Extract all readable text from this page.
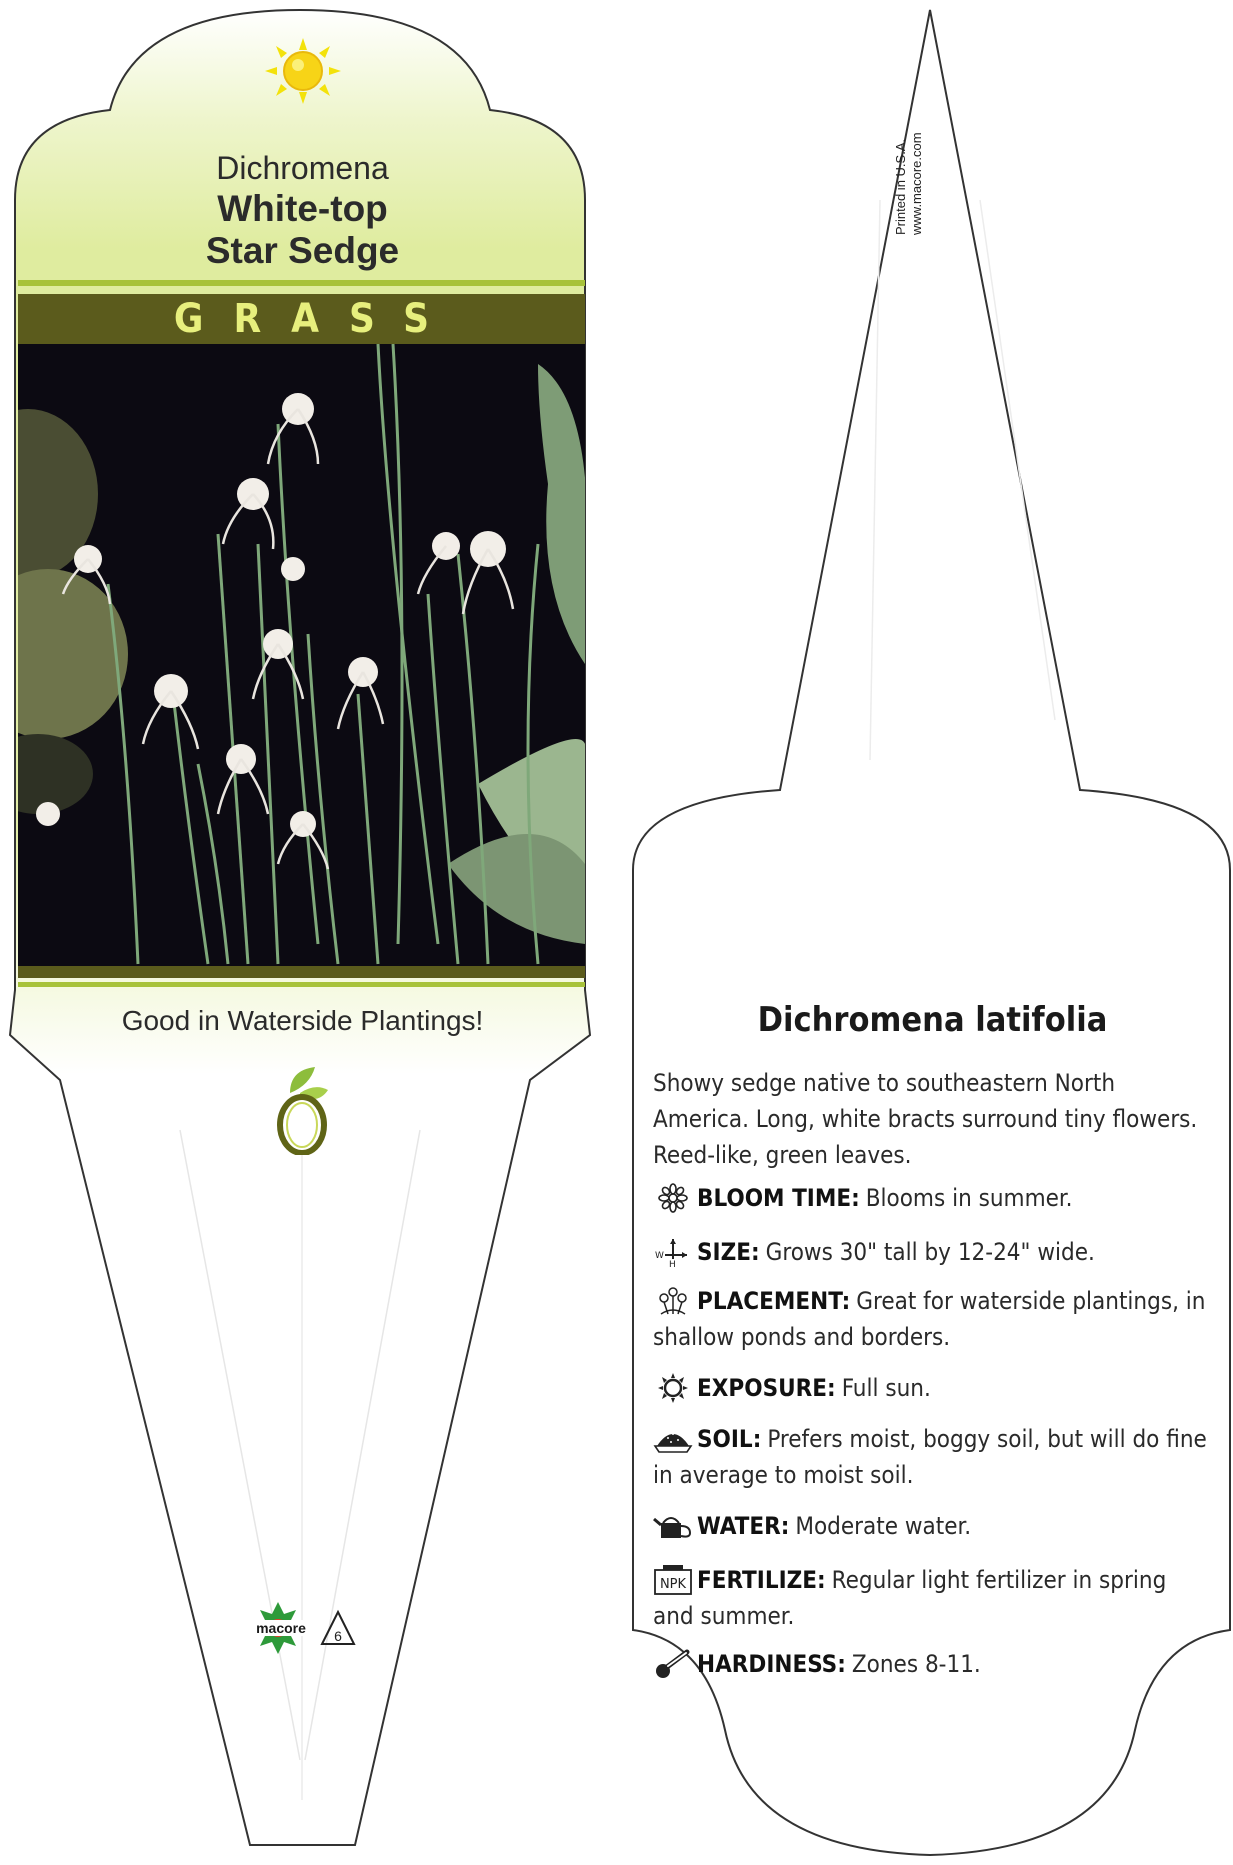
Dichromena
White-top
Star Sedge
GRASS
Good in Waterside Plantings!
macore 6
Printed in U.S.A. www.macore.com
Dichromena latifolia
Showy sedge native to southeastern North America. Long, white bracts surround tiny flowers. Reed-like, green leaves.
BLOOM TIME: Blooms in summer.
W
H SIZE: Grows 30" tall by 12-24" wide.
PLACEMENT: Great for waterside plantings, in shallow ponds and borders.
EXPOSURE: Full sun.
SOIL: Prefers moist, boggy soil, but will do fine in average to moist soil.
WATER: Moderate water.
NPK FERTILIZE: Regular light fertilizer in spring and summer.
HARDINESS: Zones 8-11.
